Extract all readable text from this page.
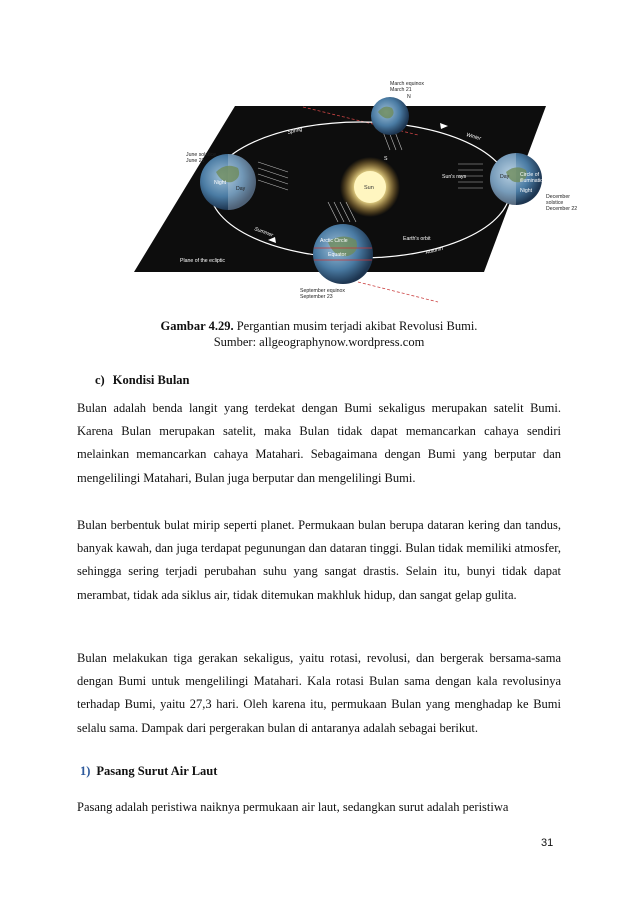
Sun
March equinox
March 21
N
June solstice
June 21
December
solstice
December 22
September equinox
September 23
S
Spring
Winter
Summer
Autumn
Sun's rays
Night
Day
Day Circle of
illumination
Night
Arctic Circle
Equator
Earth's orbit
Plane of the ecliptic
Gambar 4.29. Pergantian musim terjadi akibat Revolusi Bumi.
Sumber: allgeographynow.wordpress.com
c) Kondisi Bulan
Bulan adalah benda langit yang terdekat dengan Bumi sekaligus merupakan satelit Bumi. Karena Bulan merupakan satelit, maka Bulan tidak dapat memancarkan cahaya sendiri melainkan memancarkan cahaya Matahari. Sebagaimana dengan Bumi yang berputar dan mengelilingi Matahari, Bulan juga berputar dan mengelilingi Bumi.
Bulan berbentuk bulat mirip seperti planet. Permukaan bulan berupa dataran kering dan tandus, banyak kawah, dan juga terdapat pegunungan dan dataran tinggi. Bulan tidak memiliki atmosfer, sehingga sering terjadi perubahan suhu yang sangat drastis. Selain itu, bunyi tidak dapat merambat, tidak ada siklus air, tidak ditemukan makhluk hidup, dan sangat gelap gulita.
Bulan melakukan tiga gerakan sekaligus, yaitu rotasi, revolusi, dan bergerak bersama-sama dengan Bumi untuk mengelilingi Matahari. Kala rotasi Bulan sama dengan kala revolusinya terhadap Bumi, yaitu 27,3 hari. Oleh karena itu, permukaan Bulan yang menghadap ke Bumi selalu sama. Dampak dari pergerakan bulan di antaranya adalah sebagai berikut.
1) Pasang Surut Air Laut
Pasang adalah peristiwa naiknya permukaan air laut, sedangkan surut adalah peristiwa
31
